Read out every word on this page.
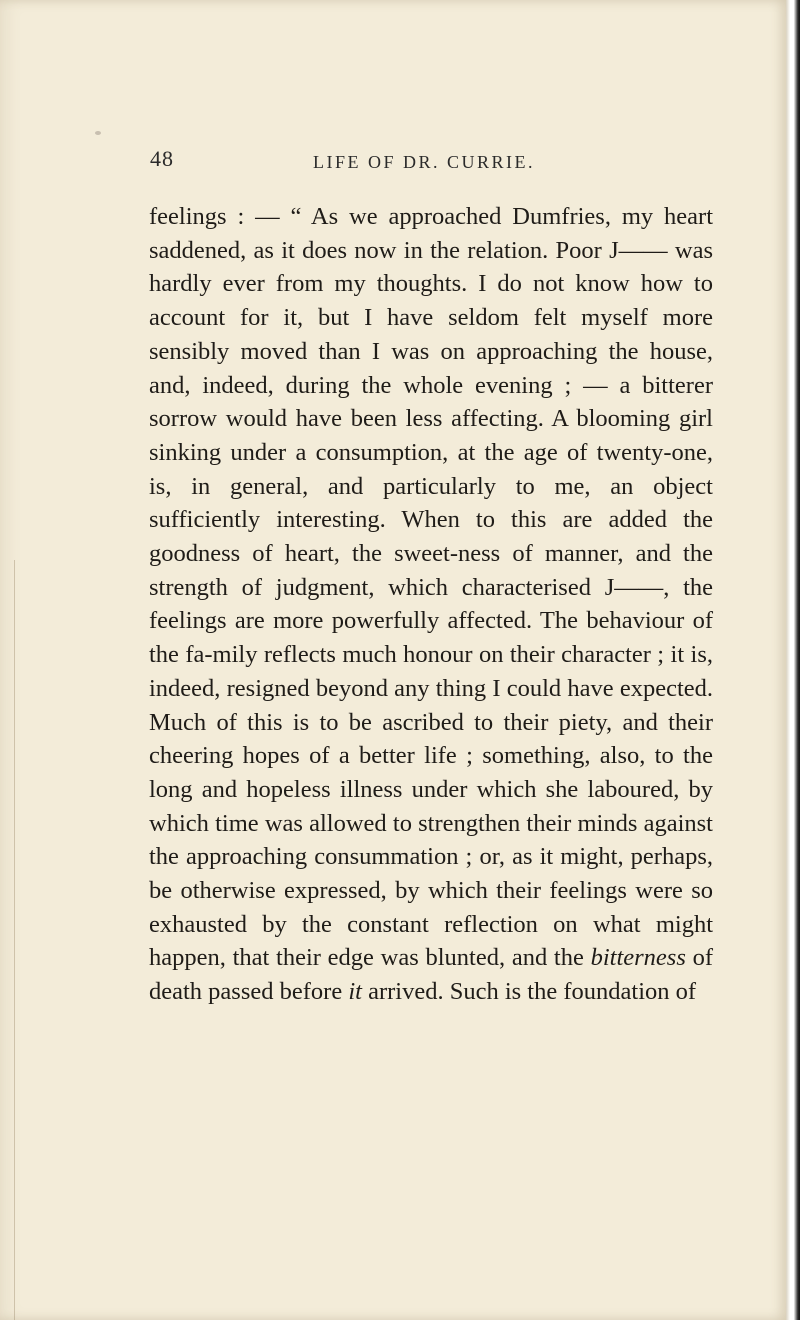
48	LIFE OF DR. CURRIE.
feelings : — “ As we approached Dumfries, my heart saddened, as it does now in the relation. Poor J—— was hardly ever from my thoughts. I do not know how to account for it, but I have seldom felt myself more sensibly moved than I was on approaching the house, and, indeed, during the whole evening ; — a bitterer sorrow would have been less affecting. A blooming girl sinking under a consumption, at the age of twenty-one, is, in general, and particularly to me, an object sufficiently interesting. When to this are added the goodness of heart, the sweet-ness of manner, and the strength of judgment, which characterised J——, the feelings are more powerfully affected. The behaviour of the fa-mily reflects much honour on their character ; it is, indeed, resigned beyond any thing I could have expected. Much of this is to be ascribed to their piety, and their cheering hopes of a better life ; something, also, to the long and hopeless illness under which she laboured, by which time was allowed to strengthen their minds against the approaching consummation ; or, as it might, perhaps, be otherwise expressed, by which their feelings were so exhausted by the constant reflection on what might happen, that their edge was blunted, and the bitterness of death passed before it arrived. Such is the foundation of
